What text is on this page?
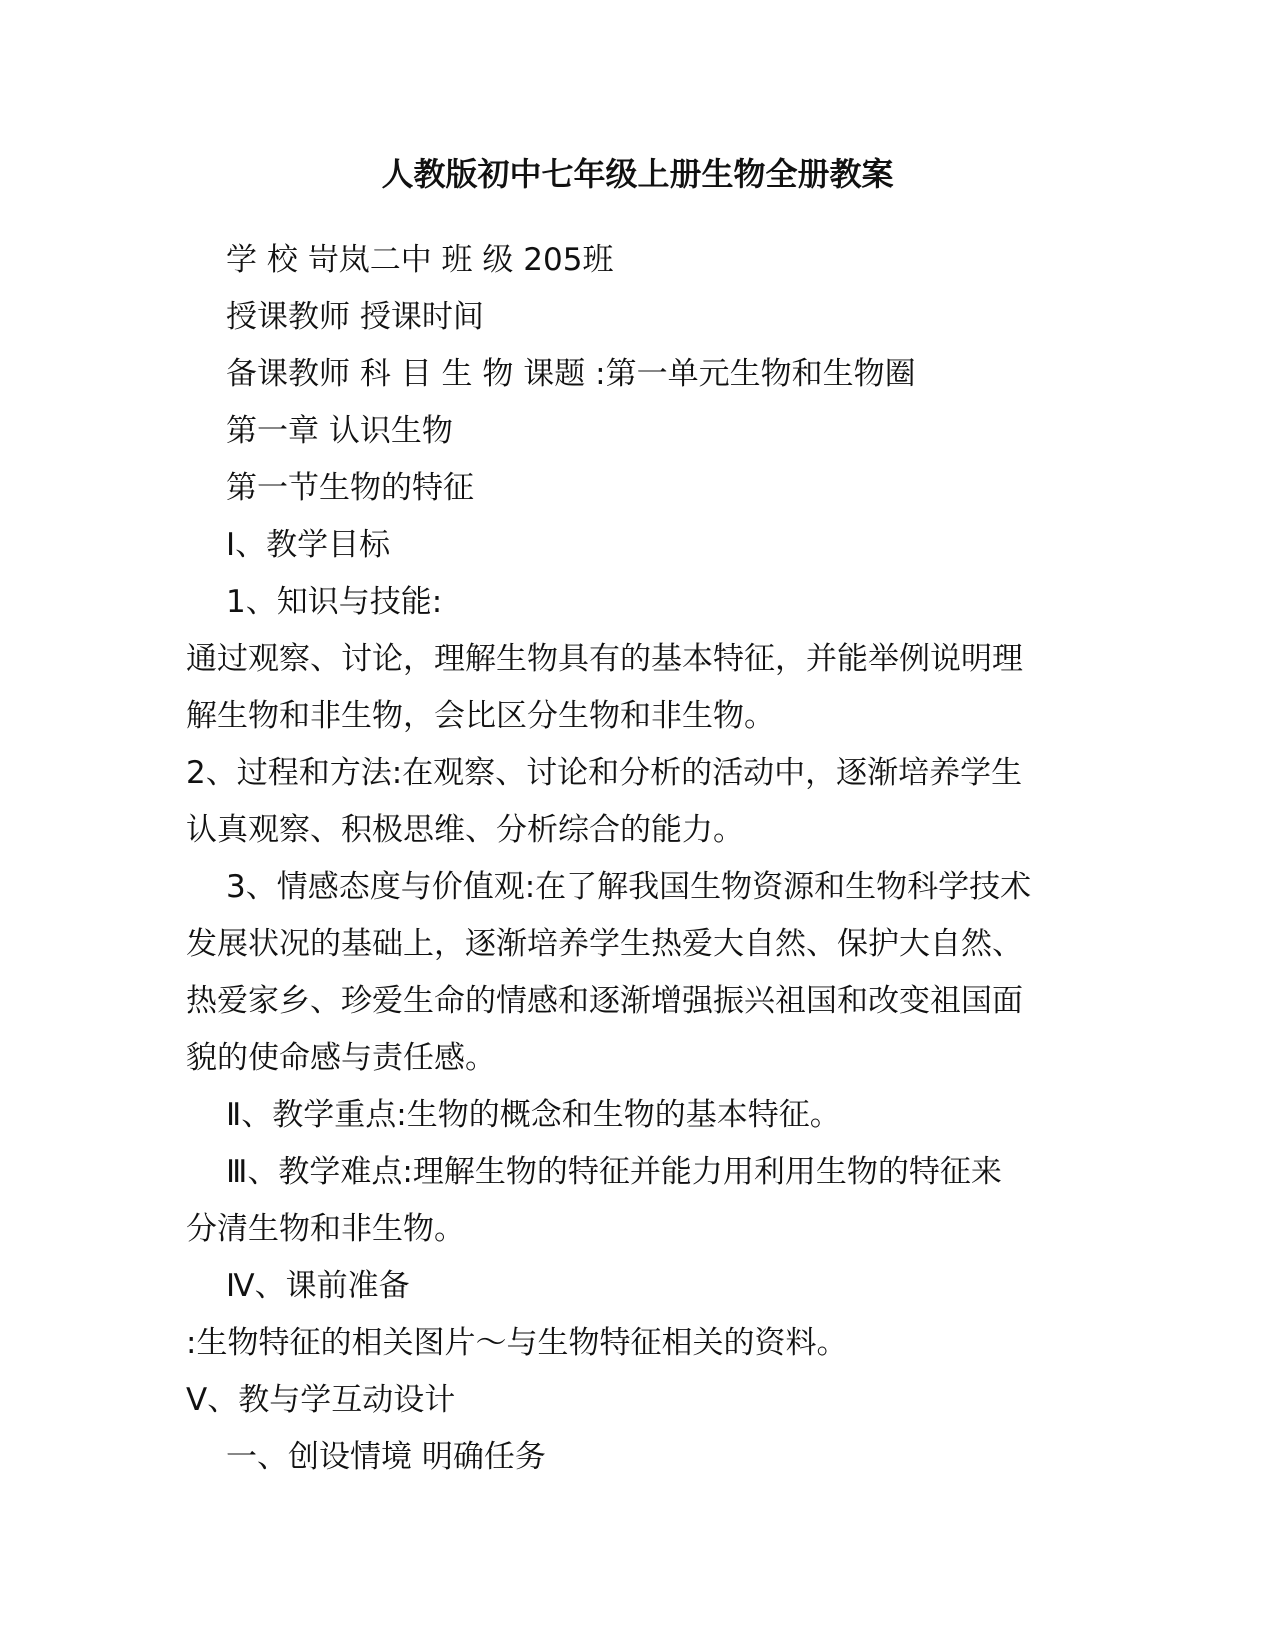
人教版初中七年级上册生物全册教案
学 校 岢岚二中 班 级 205班
授课教师 授课时间
备课教师 科 目 生 物 课题 :第一单元生物和生物圈
第一章 认识生物
第一节生物的特征
Ⅰ、教学目标
1、知识与技能:
通过观察、讨论，理解生物具有的基本特征，并能举例说明理
解生物和非生物，会比区分生物和非生物。
2、过程和方法:在观察、讨论和分析的活动中，逐渐培养学生
认真观察、积极思维、分析综合的能力。
3、情感态度与价值观:在了解我国生物资源和生物科学技术
发展状况的基础上，逐渐培养学生热爱大自然、保护大自然、
热爱家乡、珍爱生命的情感和逐渐增强振兴祖国和改变祖国面
貌的使命感与责任感。
Ⅱ、教学重点:生物的概念和生物的基本特征。
Ⅲ、教学难点:理解生物的特征并能力用利用生物的特征来
分清生物和非生物。
Ⅳ、课前准备
:生物特征的相关图片～与生物特征相关的资料。
Ⅴ、教与学互动设计
一、创设情境 明确任务
